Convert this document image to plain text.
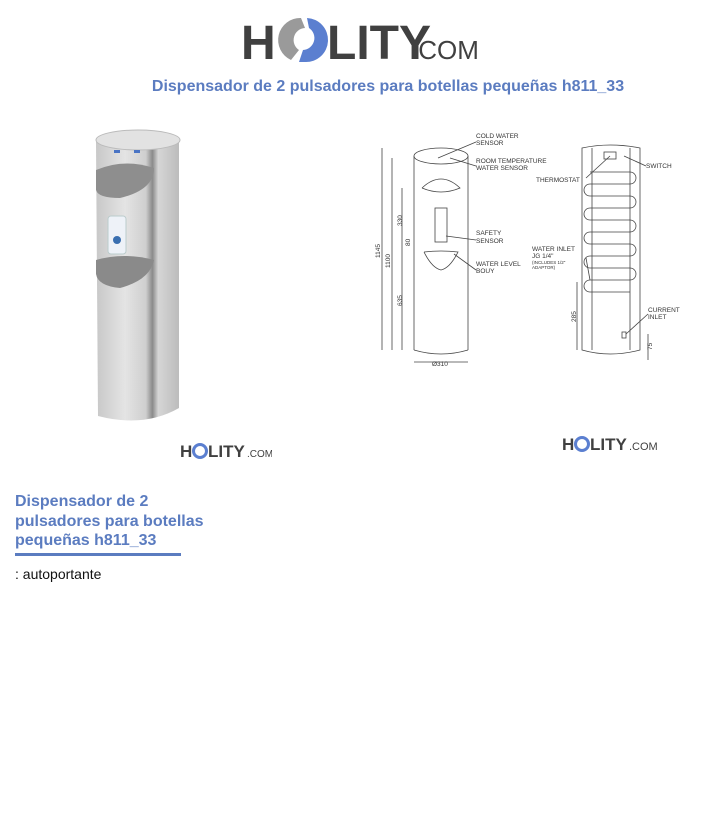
H LITY
.COM
Dispensador de 2 pulsadores para botellas pequeñas h811_33
H LITY .COM
COLD WATER
SENSOR
ROOM TEMPERATURE
WATER SENSOR
THERMOSTAT
SWITCH
SAFETY
SENSOR
WATER LEVEL
BOUY
WATER INLET
JG 1/4"
(INCLUDES 1/2"
ADAPTOR)
CURRENT
INLET
1145
1100
330
80
635
Ø310
285
75
H LITY .COM
Dispensador de 2 pulsadores para botellas pequeñas h811_33
: autoportante
